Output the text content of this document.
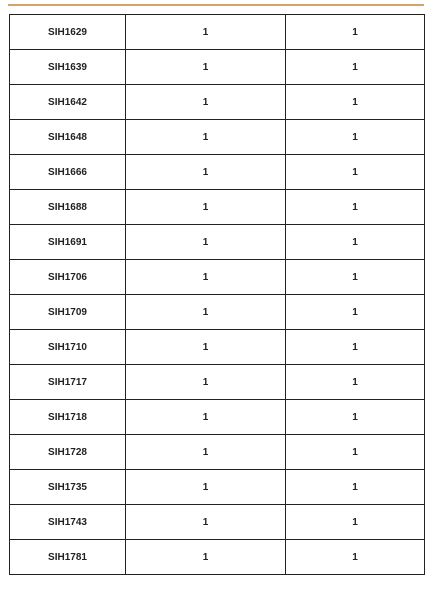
SIH1629	1	1
SIH1639	1	1
SIH1642	1	1
SIH1648	1	1
SIH1666	1	1
SIH1688	1	1
SIH1691	1	1
SIH1706	1	1
SIH1709	1	1
SIH1710	1	1
SIH1717	1	1
SIH1718	1	1
SIH1728	1	1
SIH1735	1	1
SIH1743	1	1
SIH1781	1	1
